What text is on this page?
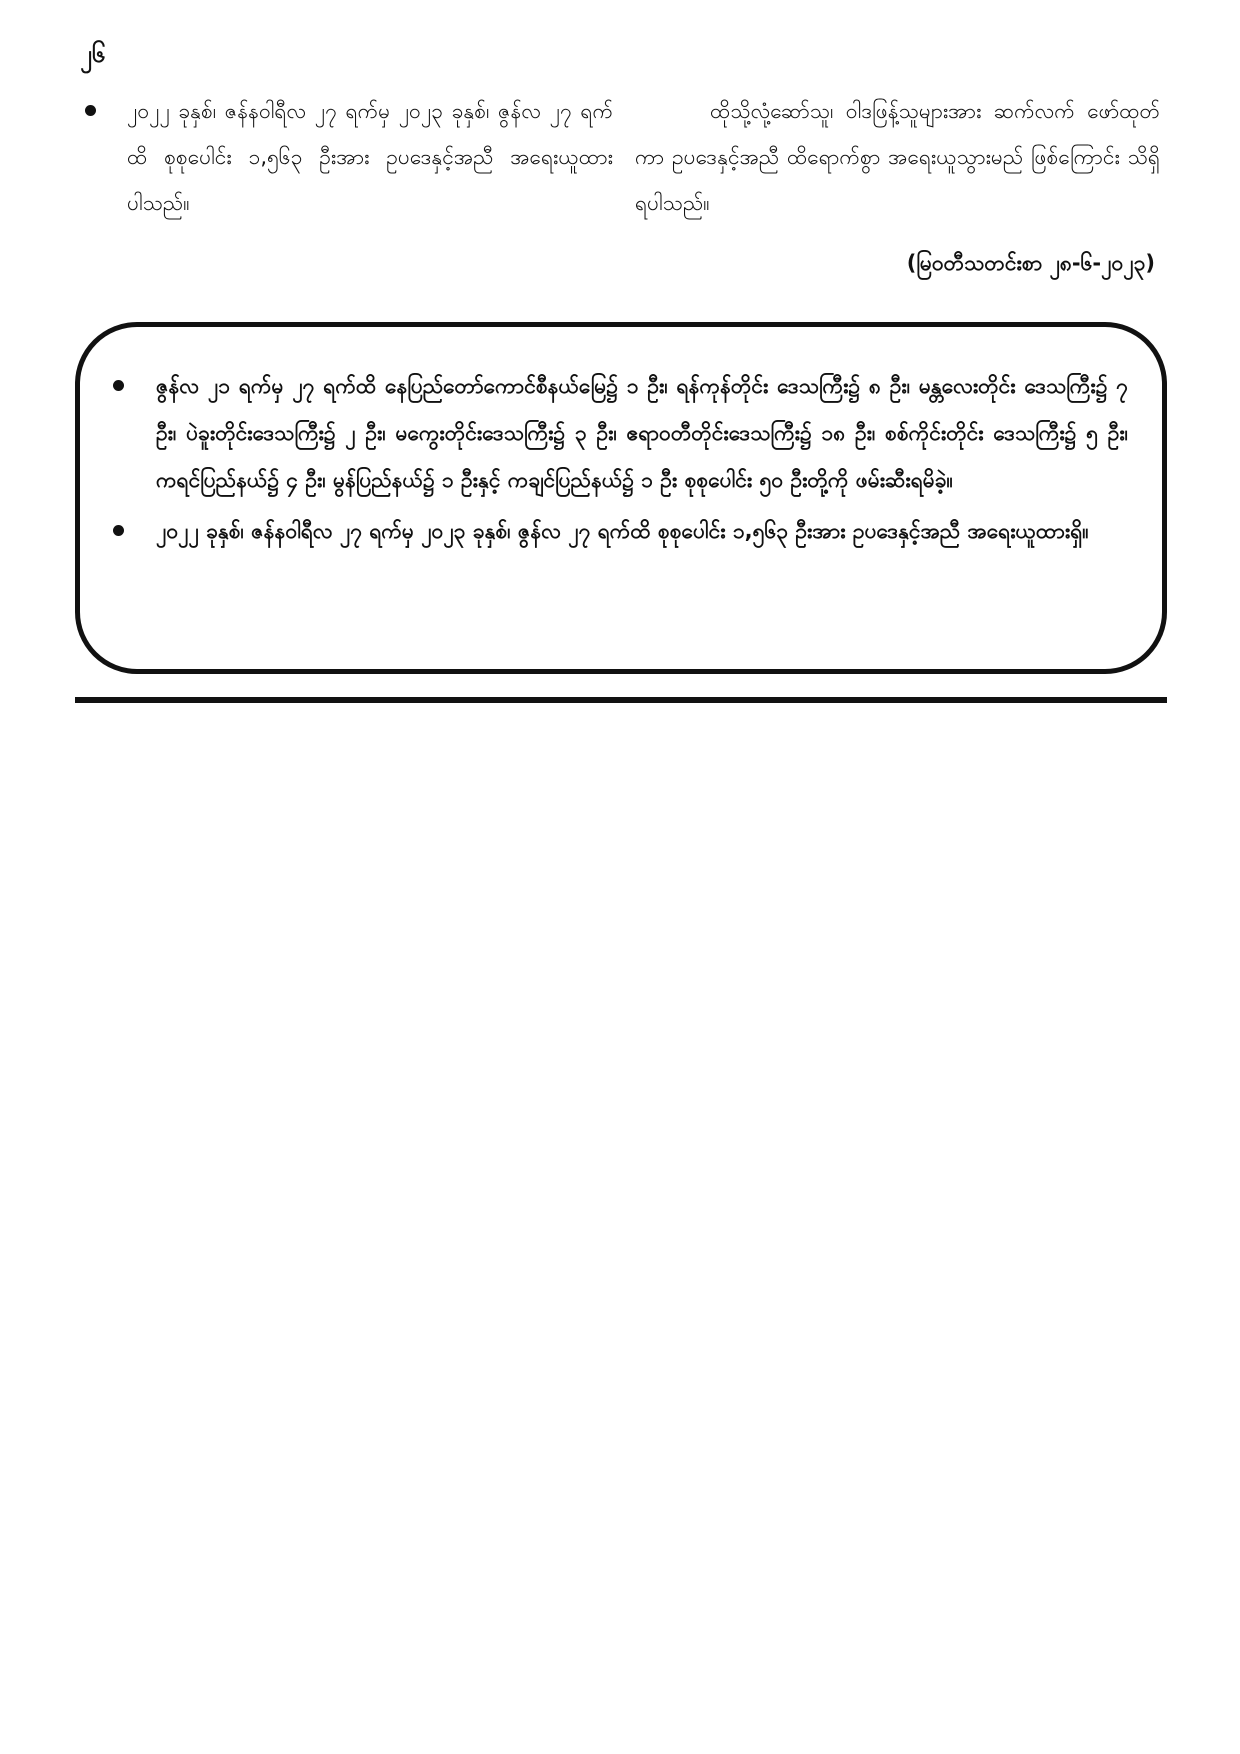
၂၆
၂၀၂၂ ခုနှစ်၊ ဇန်နဝါရီလ ၂၇ ရက်မှ ၂၀၂၃ ခုနှစ်၊ ဇွန်လ ၂၇ ရက်ထိ စုစုပေါင်း ၁,၅၆၃ ဦးအား ဥပဒေနှင့်အညီ အရေးယူထားပါသည်။
ထိုသို့လုံ့ဆော်သူ၊ ဝါဒဖြန့်သူများအား ဆက်လက် ဖော်ထုတ်ကာ ဥပဒေနှင့်အညီ ထိရောက်စွာ အရေးယူသွားမည် ဖြစ်ကြောင်း သိရှိရပါသည်။
(မြဝတီသတင်းစာ ၂၈-၆-၂၀၂၃)
ဇွန်လ ၂၁ ရက်မှ ၂၇ ရက်ထိ နေပြည်တော်ကောင်စီနယ်မြေ၌ ၁ ဦး၊ ရန်ကုန်တိုင်း ဒေသကြီး၌ ၈ ဦး၊ မန္တလေးတိုင်း ဒေသကြီး၌ ၇ ဦး၊ ပဲခူးတိုင်းဒေသကြီး၌ ၂ ဦး၊ မကွေးတိုင်းဒေသကြီး၌ ၃ ဦး၊ ဧရာဝတီတိုင်းဒေသကြီး၌ ၁၈ ဦး၊ စစ်ကိုင်းတိုင်း ဒေသကြီး၌ ၅ ဦး၊ ကရင်ပြည်နယ်၌ ၄ ဦး၊ မွန်ပြည်နယ်၌ ၁ ဦးနှင့် ကချင်ပြည်နယ်၌ ၁ ဦး စုစုပေါင်း ၅၀ ဦးတို့ကို ဖမ်းဆီးရမိခဲ့။
၂၀၂၂ ခုနှစ်၊ ဇန်နဝါရီလ ၂၇ ရက်မှ ၂၀၂၃ ခုနှစ်၊ ဇွန်လ ၂၇ ရက်ထိ စုစုပေါင်း ၁,၅၆၃ ဦးအား ဥပဒေနှင့်အညီ အရေးယူထားရှိ။
